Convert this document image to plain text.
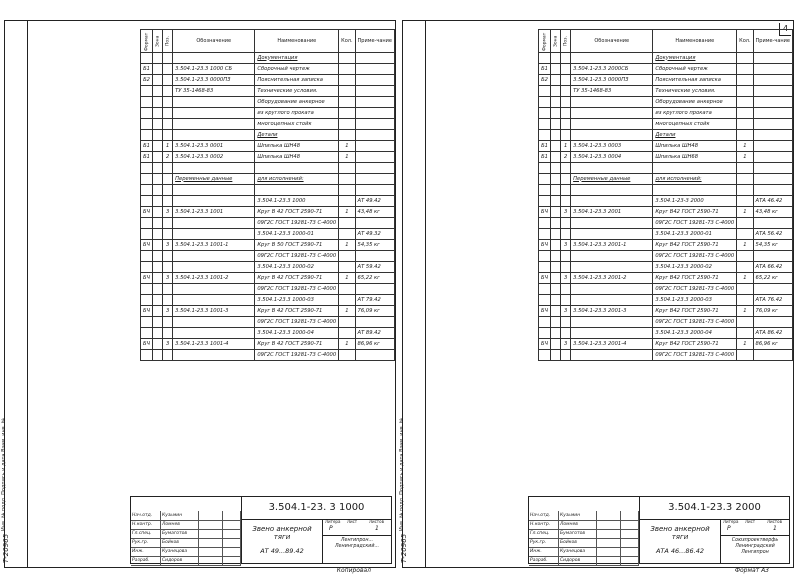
Инв. № подл. Подпись и дата Взам. инв. №
Т-20965
Формат	Зона	Поз.	Обозначение	Наименование	Кол.	Приме-чание
				Документация		
Б1			3.504.1-23.3 1000 СБ	Сборочный чертеж		
Б2			3.504.1-23.3 0000ПЗ	Пояснительная записка		
			ТУ 35-1468-83	Технические условия.		
				Оборудование анкерное		
				из круглого проката		
				многоцепных стойк		
				Детали		
Б1		1	3.504.1-23.3 0001	Шпилька ШН48	1	
Б1		2	3.504.1-23.3 0002	Шпилька ШН48	1	

			Переменные данные	для исполнений:		

				3.504.1-23.3 1000		АТ 49.42
БЧ		3	3.504.1-23.3 1001	Круг В 42 ГОСТ 2590-71	1	43,48 кг
				09Г2С ГОСТ 19281-73 С-4000		
				3.504.1-23.3 1000-01		АТ 49.32
БЧ		3	3.504.1-23.3 1001-1	Круг В 50 ГОСТ 2590-71	1	54,35 кг
				09Г2С ГОСТ 19281-73 С-4000		
				3.504.1-23.3 1000-02		АТ 59.42
БЧ		3	3.504.1-23.3 1001-2	Круг В 42 ГОСТ 2590-71	1	65,22 кг
				09Г2С ГОСТ 19281-73 С-4000		
				3.504.1-23.3 1000-03		АТ 79.42
БЧ		3	3.504.1-23.3 1001-3	Круг В 42 ГОСТ 2590-71	1	76,09 кг
				09Г2С ГОСТ 19281-73 С-4000		
				3.504.1-23.3 1000-04		АТ 89.42
БЧ		3	3.504.1-23.3 1001-4	Круг В 42 ГОСТ 2590-71	1	86,96 кг
				09Г2С ГОСТ 19281-73 С-4000		
Нач.отд.	Кузьмин
Н.контр.	Ломнев
Гл.спец.	Бумаготов
Рук.гр.	Бойков
Инж.	Кузнецова
Разраб.	Сидоров
3.504.1-23. 3 1000
Звено анкерной тяги
АТ 49...89.42
Литера Лист	Листов
Р	1
Ленгипрон... Ленинградский...
Копировал
4
Инв. № подл. Подпись и дата Взам. инв. №
Т-20965
Формат	Зона	Поз.	Обозначение	Наименование	Кол.	Приме-чание
				Документация		
Б1			3.504.1-23.3 2000СБ	Сборочный чертеж		
Б2			3.504.1-23.3 0000ПЗ	Пояснительная записка		
			ТУ 35-1468-83	Технические условия.		
				Оборудование анкерное		
				из круглого проката		
				многоцепных стойк		
				Детали		
Б1		1	3.504.1-23.3 0003	Шпилька ШН48	1	
Б1		2	3.504.1-23.3 0004	Шпилька ШН68	1	

			Переменные данные	для исполнений:		

				3.504.1-23-3 2000		АТА 46.42
БЧ		3	3.504.1-23.3 2001	Круг В42 ГОСТ 2590-71	1	43,48 кг
				09Г2С ГОСТ 19281-73 С-4000		
				3.504.1-23.3 2000-01		АТА 56.42
БЧ		3	3.504.1-23.3 2001-1	Круг В42 ГОСТ 2590-71	1	54,35 кг
				09Г2С ГОСТ 19281-73 С-4000		
				3.504.1-23.3 2000-02		АТА 66.42
БЧ		3	3.504.1-23.3 2001-2	Круг В42 ГОСТ 2590-71	1	65,22 кг
				09Г2С ГОСТ 19281-73 С-4000		
				3.504.1-23.3 2000-03		АТА 76.42
БЧ		3	3.504.1-23.3 2001-3	Круг В42 ГОСТ 2590-71	1	76,09 кг
				09Г2С ГОСТ 19281-73 С-4000		
				3.504.1-23.3 2000-04		АТА 86.42
БЧ		3	3.504.1-23.3 2001-4	Круг В42 ГОСТ 2590-71	1	86,96 кг
				09Г2С ГОСТ 19281-73 С-4000		
Нач.отд.	Кузьмин
Н.контр.	Ломнев
Гл.спец.	Бумаготов
Рук.гр.	Бойков
Инж.	Кузнецова
Разраб.	Сидоров
3.504.1-23.3 2000
Звено анкерной тяги
АТА 46...86.42
Литера Лист	Листов
Р	1
Союзпроектверфь Ленинградский Ленгипрон
Формат А3
